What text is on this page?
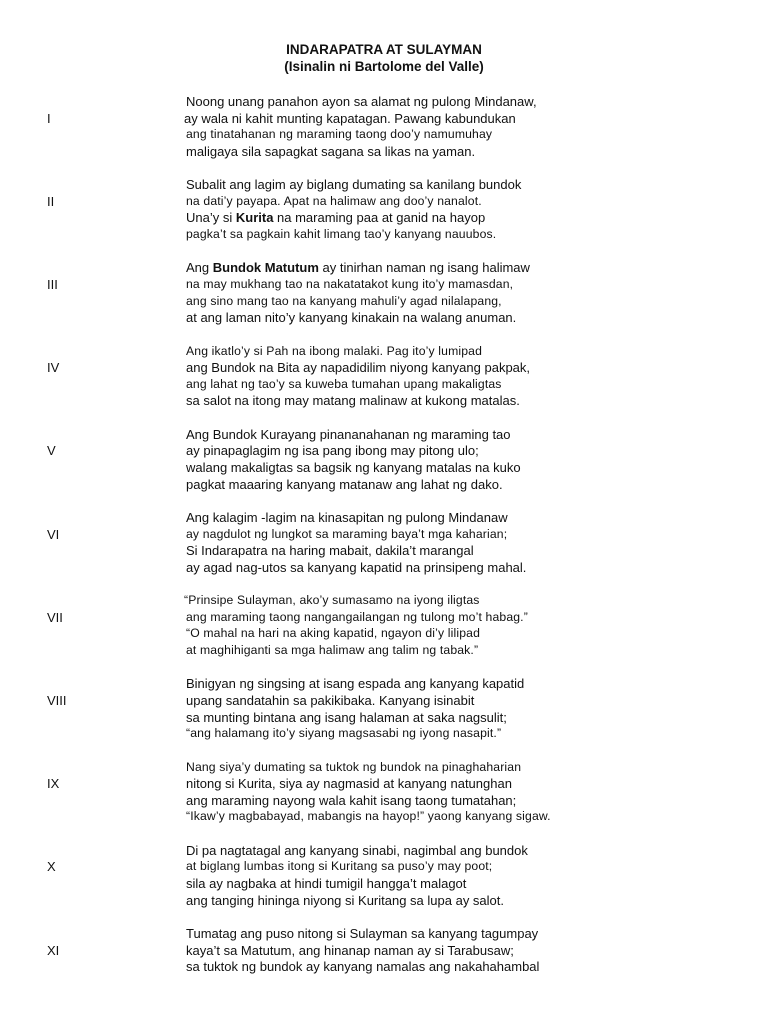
INDARAPATRA AT SULAYMAN
(Isinalin ni Bartolome del Valle)
I
Noong unang panahon ayon sa alamat ng pulong Mindanaw,
ay wala ni kahit munting kapatagan. Pawang kabundukan
ang tinatahanan ng maraming taong doo’y namumuhay
maligaya sila sapagkat sagana sa likas na yaman.
II
Subalit ang lagim ay biglang dumating sa kanilang bundok
na dati’y payapa. Apat na halimaw ang doo’y nanalot.
Una’y si Kurita na maraming paa at ganid na hayop
pagka’t sa pagkain kahit limang tao’y kanyang nauubos.
III
Ang Bundok Matutum ay tinirhan naman ng isang halimaw
na may mukhang tao na nakatatakot kung ito’y mamasdan,
ang sino mang tao na kanyang mahuli’y agad nilalapang,
at ang laman nito’y kanyang kinakain na walang anuman.
IV
Ang ikatlo’y si Pah na ibong malaki. Pag ito’y lumipad
ang Bundok na Bita ay napadidilim niyong kanyang pakpak,
ang lahat ng tao’y sa kuweba tumahan upang makaligtas
sa salot na itong may matang malinaw at kukong matalas.
V
Ang Bundok Kurayang pinananahanan ng maraming tao
ay pinapaglagim ng isa pang ibong may pitong ulo;
walang makaligtas sa bagsik ng kanyang matalas na kuko
pagkat maaaring kanyang matanaw ang lahat ng dako.
VI
Ang kalagim -lagim na kinasapitan ng pulong Mindanaw
ay nagdulot ng lungkot sa maraming baya’t mga kaharian;
Si Indarapatra na haring mabait, dakila’t marangal
ay agad nag-utos sa kanyang kapatid na prinsipeng mahal.
VII
“Prinsipe Sulayman, ako’y sumasamo na iyong iligtas
ang maraming taong nangangailangan ng tulong mo’t habag.”
“O mahal na hari na aking kapatid, ngayon di’y lilipad
at maghihiganti sa mga halimaw ang talim ng tabak.”
VIII
Binigyan ng singsing at isang espada ang kanyang kapatid
upang sandatahin sa pakikibaka. Kanyang isinabit
sa munting bintana ang isang halaman at saka nagsulit;
“ang halamang ito’y siyang magsasabi ng iyong nasapit.”
IX
Nang siya’y dumating sa tuktok ng bundok na pinaghaharian
nitong si Kurita, siya ay nagmasid at kanyang natunghan
ang maraming nayong wala kahit isang taong tumatahan;
“Ikaw’y magbabayad, mabangis na hayop!” yaong kanyang sigaw.
X
Di pa nagtatagal ang kanyang sinabi, nagimbal ang bundok
at biglang lumbas itong si Kuritang sa puso’y may poot;
sila ay nagbaka at hindi tumigil hangga’t malagot
ang tanging hininga niyong si Kuritang sa lupa ay salot.
XI
Tumatag ang puso nitong si Sulayman sa kanyang tagumpay
kaya’t sa Matutum, ang hinanap naman ay si Tarabusaw;
sa tuktok ng bundok ay kanyang namalas ang nakahahambal
